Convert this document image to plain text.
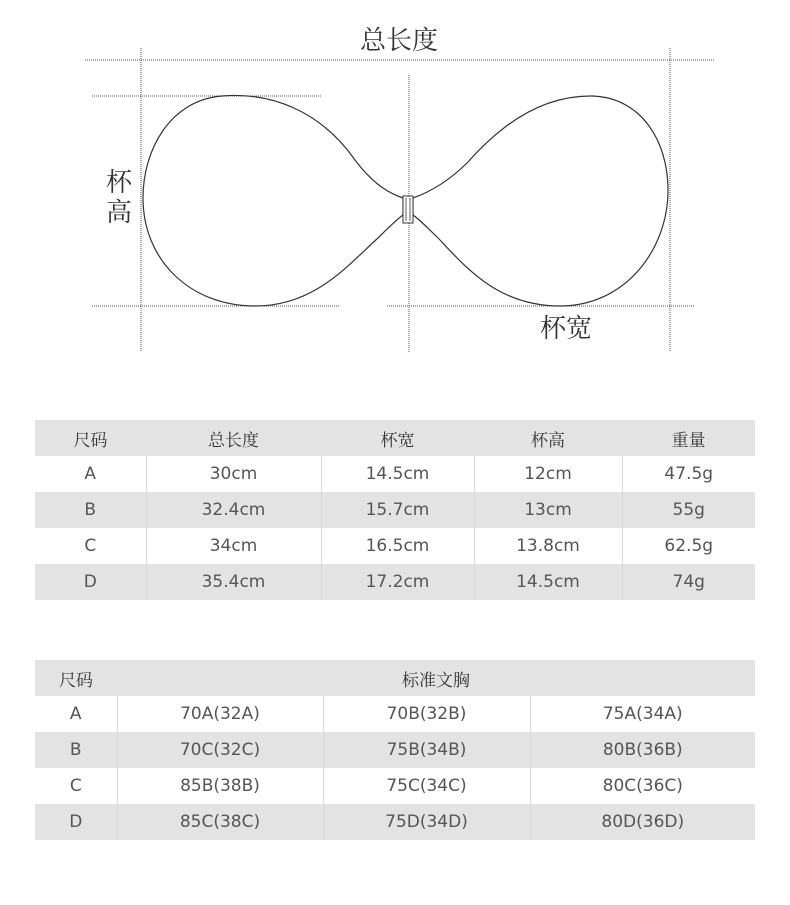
总长度
杯高
杯宽
尺码	总长度	杯宽	杯高	重量
A	30cm	14.5cm	12cm	47.5g
B	32.4cm	15.7cm	13cm	55g
C	34cm	16.5cm	13.8cm	62.5g
D	35.4cm	17.2cm	14.5cm	74g
尺码	标准文胸		
A	70A(32A)	70B(32B)	75A(34A)
B	70C(32C)	75B(34B)	80B(36B)
C	85B(38B)	75C(34C)	80C(36C)
D	85C(38C)	75D(34D)	80D(36D)
